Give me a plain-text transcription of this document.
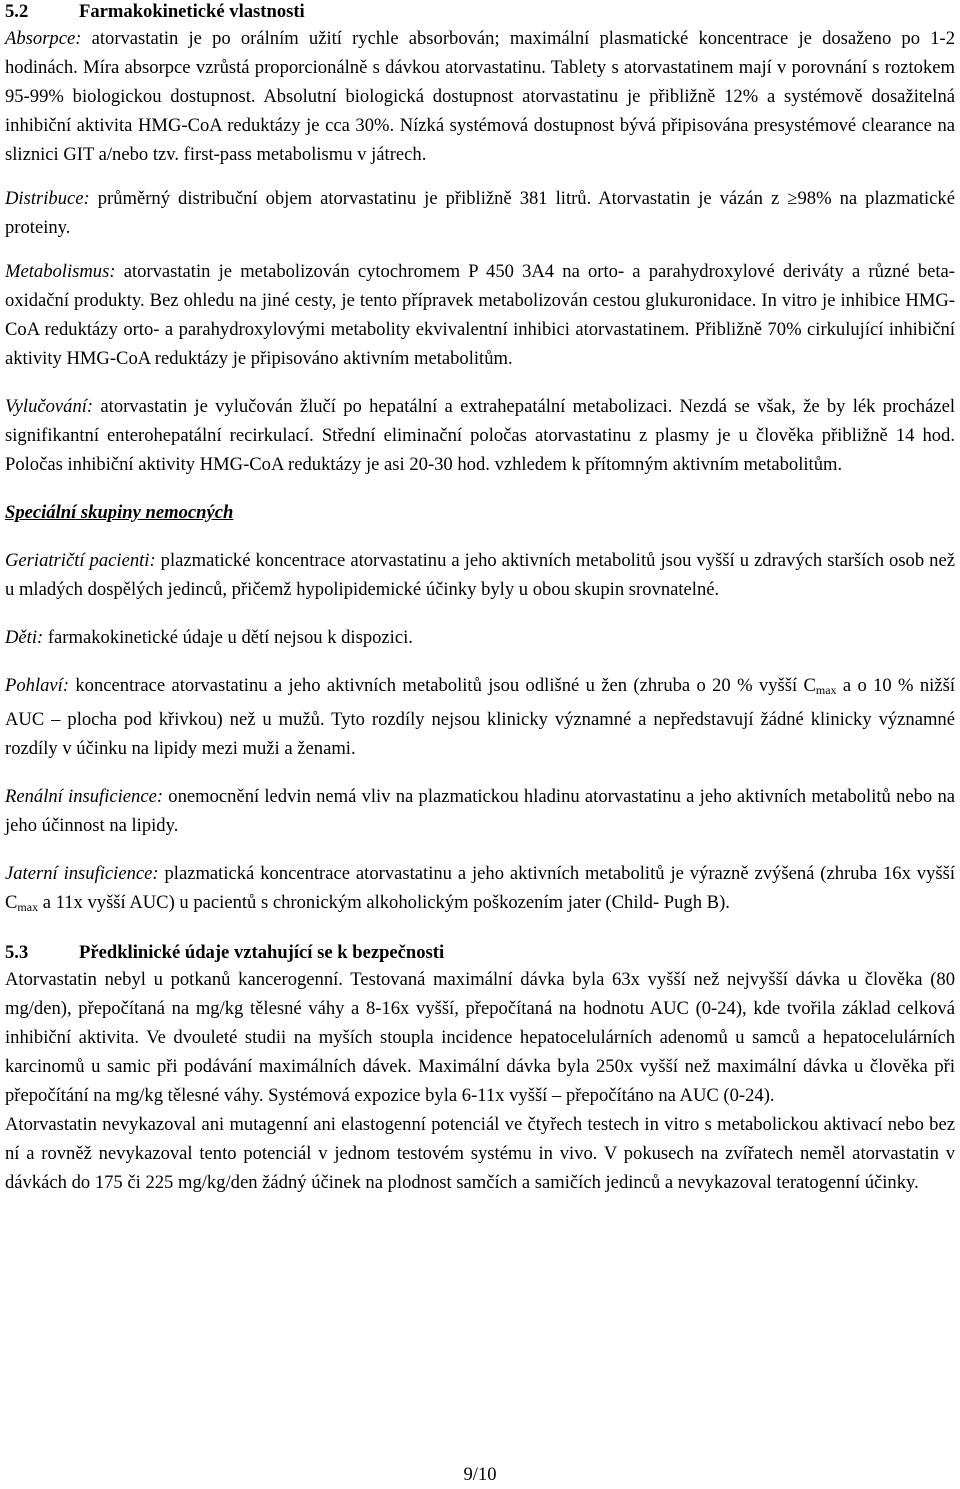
5.2	Farmakokinetické vlastnosti

Absorpce: atorvastatin je po orálním užití rychle absorbován; maximální plasmatické koncentrace je dosaženo po 1-2 hodinách. Míra absorpce vzrůstá proporcionálně s dávkou atorvastatinu. Tablety s atorvastatinem mají v porovnání s roztokem 95-99% biologickou dostupnost. Absolutní biologická dostupnost atorvastatinu je přibližně 12% a systémově dosažitelná inhibiční aktivita HMG-CoA reduktázy je cca 30%. Nízká systémová dostupnost bývá připisována presystémové clearance na sliznici GIT a/nebo tzv. first-pass metabolismu v játrech.

Distribuce: průměrný distribuční objem atorvastatinu je přibližně 381 litrů. Atorvastatin je vázán z ≥98% na plazmatické proteiny.

Metabolismus: atorvastatin je metabolizován cytochromem P 450 3A4 na orto- a parahydroxylové deriváty a různé beta-oxidační produkty. Bez ohledu na jiné cesty, je tento přípravek metabolizován cestou glukuronidace. In vitro je inhibice HMG-CoA reduktázy orto- a parahydroxylovými metabolity ekvivalentní inhibici atorvastatinem. Přibližně 70% cirkulující inhibiční aktivity HMG-CoA reduktázy je připisováno aktivním metabolitům.

Vylučování: atorvastatin je vylučován žlučí po hepatální a extrahepatální metabolizaci. Nezdá se však, že by lék procházel signifikantní enterohepatální recirkulací. Střední eliminační poločas atorvastatinu z plasmy je u člověka přibližně 14 hod. Poločas inhibiční aktivity HMG-CoA reduktázy je asi 20-30 hod. vzhledem k přítomným aktivním metabolitům.

Speciální skupiny nemocných

Geriatričtí pacienti: plazmatické koncentrace atorvastatinu a jeho aktivních metabolitů jsou vyšší u zdravých starších osob než u mladých dospělých jedinců, přičemž hypolipidemické účinky byly u obou skupin srovnatelné.

Děti: farmakokinetické údaje u dětí nejsou k dispozici.

Pohlaví: koncentrace atorvastatinu a jeho aktivních metabolitů jsou odlišné u žen (zhruba o 20 % vyšší $C_{max}$ a o 10 % nižší AUC – plocha pod křivkou) než u mužů. Tyto rozdíly nejsou klinicky významné a nepředstavují žádné klinicky významné rozdíly v účinku na lipidy mezi muži a ženami.

Renální insuficience: onemocnění ledvin nemá vliv na plazmatickou hladinu atorvastatinu a jeho aktivních metabolitů nebo na jeho účinnost na lipidy.

Jaterní insuficience: plazmatická koncentrace atorvastatinu a jeho aktivních metabolitů je výrazně zvýšená (zhruba 16x vyšší $C_{max}$ a 11x vyšší AUC) u pacientů s chronickým alkoholickým poškozením jater (Child- Pugh B).

5.3	Předklinické údaje vztahující se k bezpečnosti

Atorvastatin nebyl u potkanů kancerogenní. Testovaná maximální dávka byla 63x vyšší než nejvyšší dávka u člověka (80 mg/den), přepočítaná na mg/kg tělesné váhy a 8-16x vyšší, přepočítaná na hodnotu AUC (0-24), kde tvořila základ celková inhibiční aktivita. Ve dvouleté studii na myších stoupla incidence hepatocelulárních adenomů u samců a hepatocelulárních karcinomů u samic při podávání maximálních dávek. Maximální dávka byla 250x vyšší než maximální dávka u člověka při přepočítání na mg/kg tělesné váhy. Systémová expozice byla 6-11x vyšší – přepočítáno na AUC (0-24).

Atorvastatin nevykazoval ani mutagenní ani elastogenní potenciál ve čtyřech testech in vitro s metabolickou aktivací nebo bez ní a rovněž nevykazoval tento potenciál v jednom testovém systému in vivo. V pokusech na zvířatech neměl atorvastatin v dávkách do 175 či 225 mg/kg/den žádný účinek na plodnost samčích a samičích jedinců a nevykazoval teratogenní účinky.

9/10
